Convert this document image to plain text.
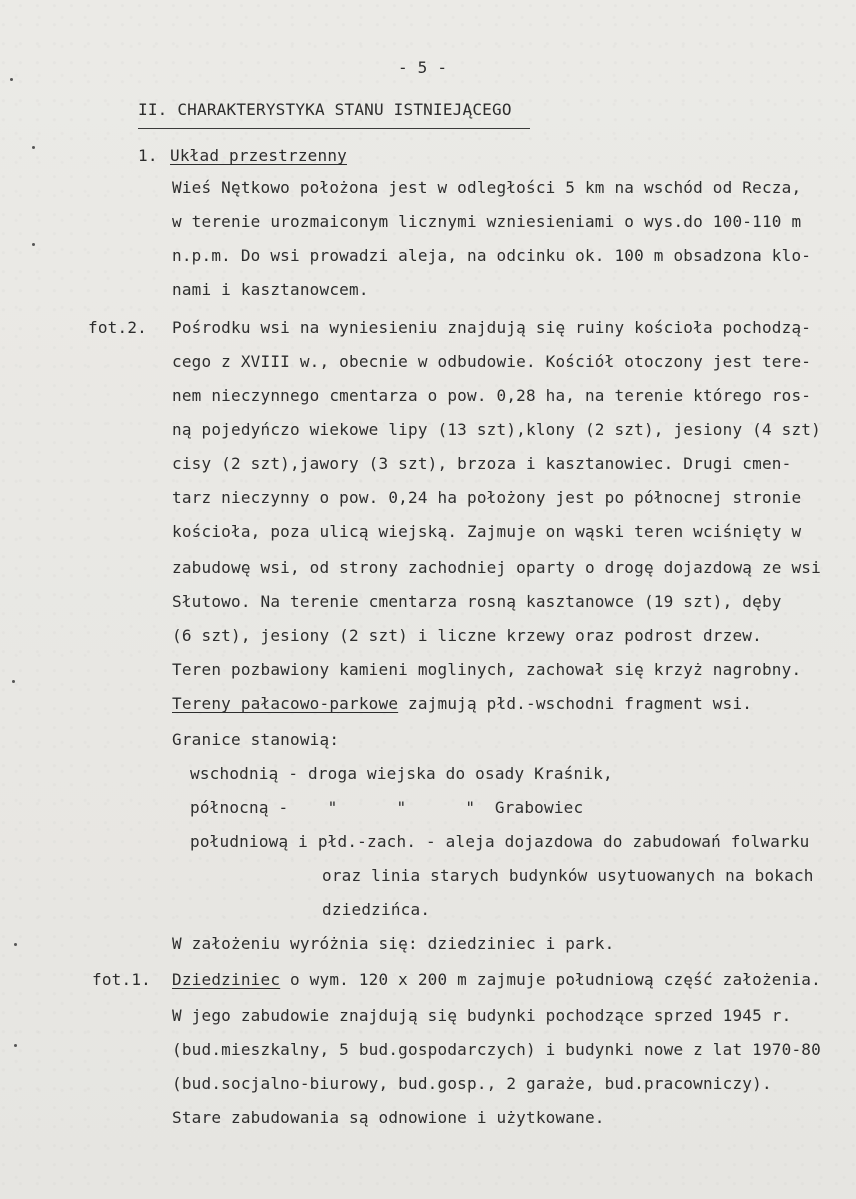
- 5 -
II. CHARAKTERYSTYKA STANU ISTNIEJĄCEGO
1. Układ przestrzenny
Wieś Nętkowo położona jest w odległości 5 km na wschód od Recza,
w terenie urozmaiconym licznymi wzniesieniami o wys.do 100-110 m
n.p.m. Do wsi prowadzi aleja, na odcinku ok. 100 m obsadzona klo-
nami i kasztanowcem.
fot.2. Pośrodku wsi na wyniesieniu znajdują się ruiny kościoła pochodzą-
cego z XVIII w., obecnie w odbudowie. Kościół otoczony jest tere-
nem nieczynnego cmentarza o pow. 0,28 ha, na terenie którego ros-
ną pojedyńczo wiekowe lipy (13 szt),klony (2 szt), jesiony (4 szt)
cisy (2 szt),jawory (3 szt), brzoza i kasztanowiec. Drugi cmen-
tarz nieczynny o pow. 0,24 ha położony jest po północnej stronie
kościoła, poza ulicą wiejską. Zajmuje on wąski teren wciśnięty w
zabudowę wsi, od strony zachodniej oparty o drogę dojazdową ze wsi
Słutowo. Na terenie cmentarza rosną kasztanowce (19 szt), dęby
(6 szt), jesiony (2 szt) i liczne krzewy oraz podrost drzew.
Teren pozbawiony kamieni moglinych, zachował się krzyż nagrobny.
Tereny pałacowo-parkowe zajmują płd.-wschodni fragment wsi.
Granice stanowią:
wschodnią - droga wiejska do osady Kraśnik,
północną -    "      "      "  Grabowiec
południową i płd.-zach. - aleja dojazdowa do zabudowań folwarku
oraz linia starych budynków usytuowanych na bokach
dziedzińca.
W założeniu wyróżnia się: dziedziniec i park.
fot.1. Dziedziniec o wym. 120 x 200 m zajmuje południową część założenia.
W jego zabudowie znajdują się budynki pochodzące sprzed 1945 r.
(bud.mieszkalny, 5 bud.gospodarczych) i budynki nowe z lat 1970-80
(bud.socjalno-biurowy, bud.gosp., 2 garaże, bud.pracowniczy).
Stare zabudowania są odnowione i użytkowane.
